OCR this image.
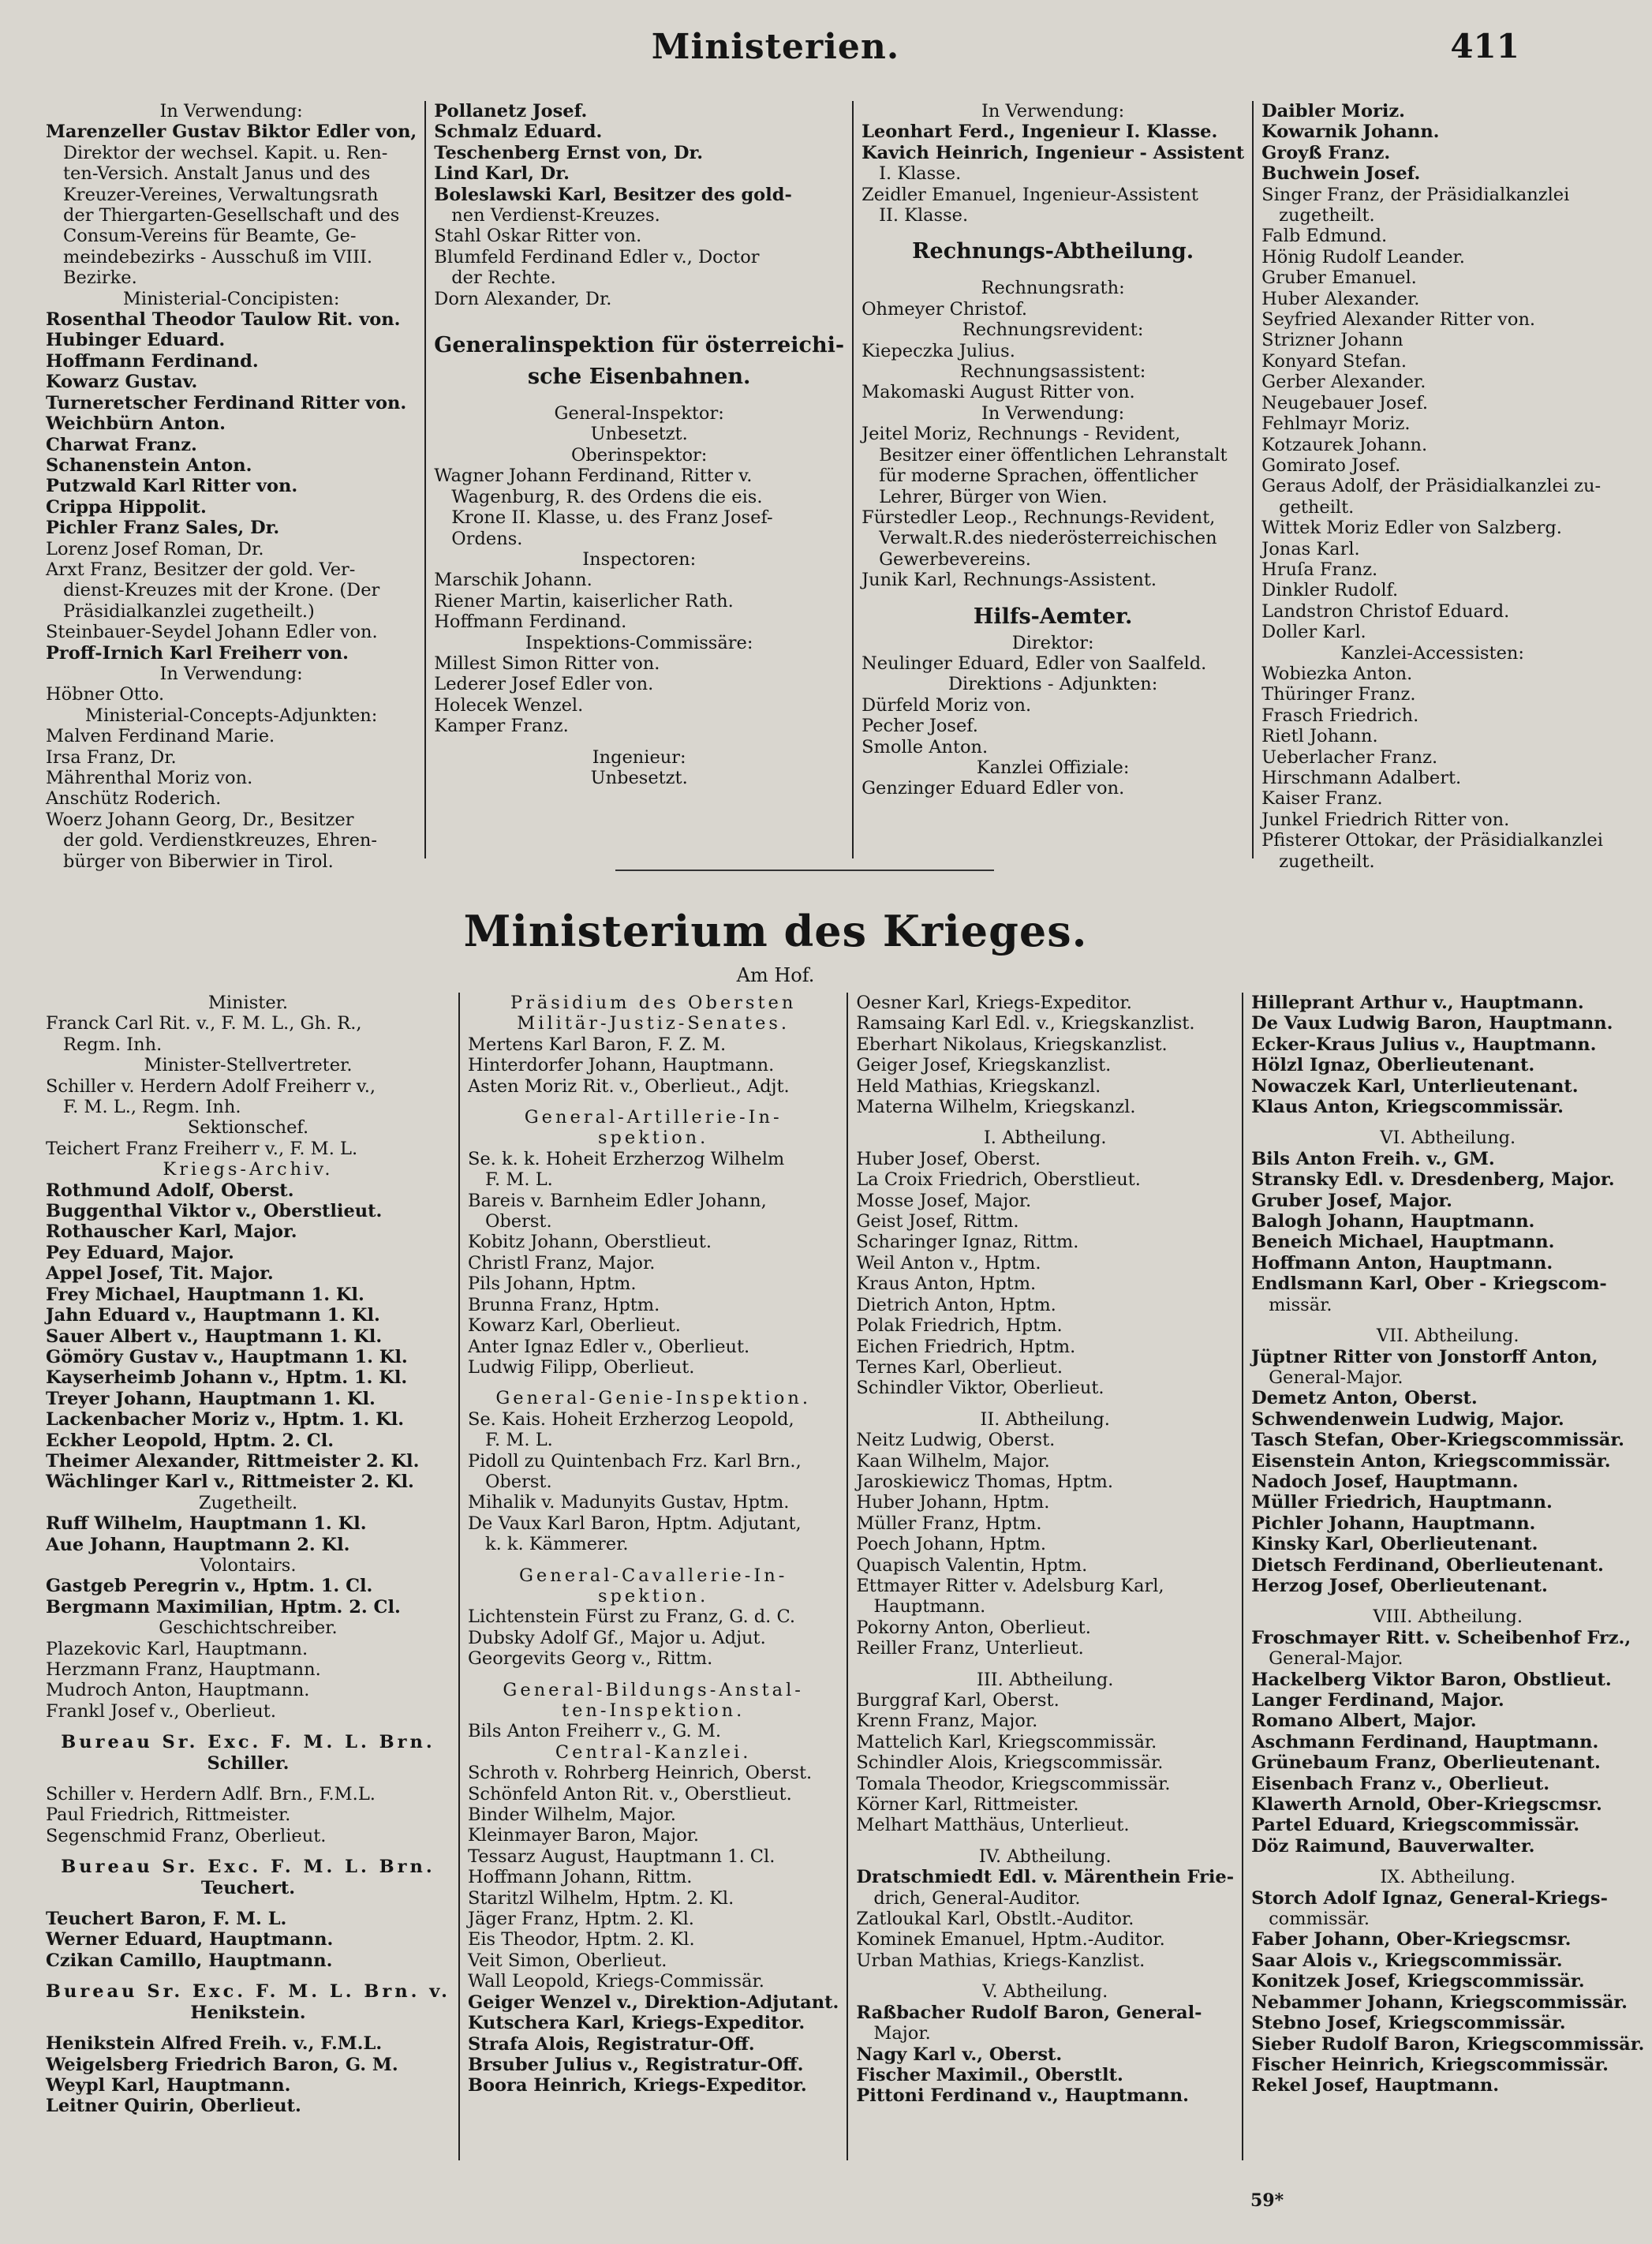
Ministerien.	411
In Verwendung:
Marenzeller Gustav Biktor Edler von,
Direktor der wechsel. Kapit. u. Ren-
ten-Versich. Anstalt Janus und des
Kreuzer-Vereines, Verwaltungsrath
der Thiergarten-Gesellschaft und des
Consum-Vereins für Beamte, Ge-
meindebezirks - Ausschuß im VIII.
Bezirke.
Ministerial-Concipisten:
Rosenthal Theodor Taulow Rit. von.
Hubinger Eduard.
Hoffmann Ferdinand.
Kowarz Gustav.
Turneretscher Ferdinand Ritter von.
Weichbürn Anton.
Charwat Franz.
Schanenstein Anton.
Putzwald Karl Ritter von.
Crippa Hippolit.
Pichler Franz Sales, Dr.
Lorenz Josef Roman, Dr.
Arxt Franz, Besitzer der gold. Ver-
dienst-Kreuzes mit der Krone. (Der
Präsidialkanzlei zugetheilt.)
Steinbauer-Seydel Johann Edler von.
Proff-Irnich Karl Freiherr von.
In Verwendung:
Höbner Otto.
Ministerial-Concepts-Adjunkten:
Malven Ferdinand Marie.
Irsa Franz, Dr.
Mährenthal Moriz von.
Anschütz Roderich.
Woerz Johann Georg, Dr., Besitzer
der gold. Verdienstkreuzes, Ehren-
bürger von Biberwier in Tirol.
Pollanetz Josef.
Schmalz Eduard.
Teschenberg Ernst von, Dr.
Lind Karl, Dr.
Boleslawski Karl, Besitzer des gold-
nen Verdienst-Kreuzes.
Stahl Oskar Ritter von.
Blumfeld Ferdinand Edler v., Doctor
der Rechte.
Dorn Alexander, Dr.
Generalinspektion für österreichi-
sche Eisenbahnen.
General-Inspektor:
Unbesetzt.
Oberinspektor:
Wagner Johann Ferdinand, Ritter v.
Wagenburg, R. des Ordens die eis.
Krone II. Klasse, u. des Franz Josef-
Ordens.
Inspectoren:
Marschik Johann.
Riener Martin, kaiserlicher Rath.
Hoffmann Ferdinand.
Inspektions-Commissäre:
Millest Simon Ritter von.
Lederer Josef Edler von.
Holecek Wenzel.
Kamper Franz.
Ingenieur:
Unbesetzt.
In Verwendung:
Leonhart Ferd., Ingenieur I. Klasse.
Kavich Heinrich, Ingenieur - Assistent
I. Klasse.
Zeidler Emanuel, Ingenieur-Assistent
II. Klasse.
Rechnungs-Abtheilung.
Rechnungsrath:
Ohmeyer Christof.
Rechnungsrevident:
Kiepeczka Julius.
Rechnungsassistent:
Makomaski August Ritter von.
In Verwendung:
Jeitel Moriz, Rechnungs - Revident,
Besitzer einer öffentlichen Lehranstalt
für moderne Sprachen, öffentlicher
Lehrer, Bürger von Wien.
Fürstedler Leop., Rechnungs-Revident,
Verwalt.R.des niederösterreichischen
Gewerbevereins.
Junik Karl, Rechnungs-Assistent.
Hilfs-Aemter.
Direktor:
Neulinger Eduard, Edler von Saalfeld.
Direktions - Adjunkten:
Dürfeld Moriz von.
Pecher Josef.
Smolle Anton.
Kanzlei Offiziale:
Genzinger Eduard Edler von.
Daibler Moriz.
Kowarnik Johann.
Groyß Franz.
Buchwein Josef.
Singer Franz, der Präsidialkanzlei
zugetheilt.
Falb Edmund.
Hönig Rudolf Leander.
Gruber Emanuel.
Huber Alexander.
Seyfried Alexander Ritter von.
Strizner Johann
Konyard Stefan.
Gerber Alexander.
Neugebauer Josef.
Fehlmayr Moriz.
Kotzaurek Johann.
Gomirato Josef.
Geraus Adolf, der Präsidialkanzlei zu-
getheilt.
Wittek Moriz Edler von Salzberg.
Jonas Karl.
Hruſa Franz.
Dinkler Rudolf.
Landstron Christof Eduard.
Doller Karl.
Kanzlei-Accessisten:
Wobiezka Anton.
Thüringer Franz.
Frasch Friedrich.
Rietl Johann.
Ueberlacher Franz.
Hirschmann Adalbert.
Kaiser Franz.
Junkel Friedrich Ritter von.
Pfisterer Ottokar, der Präsidialkanzlei
zugetheilt.
Ministerium des Krieges.
Am Hof.
Minister.
Franck Carl Rit. v., F. M. L., Gh. R.,
Regm. Inh.
Minister-Stellvertreter.
Schiller v. Herdern Adolf Freiherr v.,
F. M. L., Regm. Inh.
Sektionschef.
Teichert Franz Freiherr v., F. M. L.
Kriegs-Archiv.
Rothmund Adolf, Oberst.
Buggenthal Viktor v., Oberstlieut.
Rothauscher Karl, Major.
Pey Eduard, Major.
Appel Josef, Tit. Major.
Frey Michael, Hauptmann 1. Kl.
Jahn Eduard v., Hauptmann 1. Kl.
Sauer Albert v., Hauptmann 1. Kl.
Gömöry Gustav v., Hauptmann 1. Kl.
Kayserheimb Johann v., Hptm. 1. Kl.
Treyer Johann, Hauptmann 1. Kl.
Lackenbacher Moriz v., Hptm. 1. Kl.
Eckher Leopold, Hptm. 2. Cl.
Theimer Alexander, Rittmeister 2. Kl.
Wächlinger Karl v., Rittmeister 2. Kl.
Zugetheilt.
Ruff Wilhelm, Hauptmann 1. Kl.
Aue Johann, Hauptmann 2. Kl.
Volontairs.
Gastgeb Peregrin v., Hptm. 1. Cl.
Bergmann Maximilian, Hptm. 2. Cl.
Geschichtschreiber.
Plazekovic Karl, Hauptmann.
Herzmann Franz, Hauptmann.
Mudroch Anton, Hauptmann.
Frankl Josef v., Oberlieut.
Bureau Sr. Exc. F. M. L. Brn.
Schiller.
Schiller v. Herdern Adlf. Brn., F.M.L.
Paul Friedrich, Rittmeister.
Segenschmid Franz, Oberlieut.
Bureau Sr. Exc. F. M. L. Brn.
Teuchert.
Teuchert Baron, F. M. L.
Werner Eduard, Hauptmann.
Czikan Camillo, Hauptmann.
Bureau Sr. Exc. F. M. L. Brn. v.
Henikstein.
Henikstein Alfred Freih. v., F.M.L.
Weigelsberg Friedrich Baron, G. M.
Weypl Karl, Hauptmann.
Leitner Quirin, Oberlieut.
Präsidium des Obersten
Militär-Justiz-Senates.
Mertens Karl Baron, F. Z. M.
Hinterdorfer Johann, Hauptmann.
Asten Moriz Rit. v., Oberlieut., Adjt.
General-Artillerie-In-
spektion.
Se. k. k. Hoheit Erzherzog Wilhelm
F. M. L.
Bareis v. Barnheim Edler Johann,
Oberst.
Kobitz Johann, Oberstlieut.
Christl Franz, Major.
Pils Johann, Hptm.
Brunna Franz, Hptm.
Kowarz Karl, Oberlieut.
Anter Ignaz Edler v., Oberlieut.
Ludwig Filipp, Oberlieut.
General-Genie-Inspektion.
Se. Kais. Hoheit Erzherzog Leopold,
F. M. L.
Pidoll zu Quintenbach Frz. Karl Brn.,
Oberst.
Mihalik v. Madunyits Gustav, Hptm.
De Vaux Karl Baron, Hptm. Adjutant,
k. k. Kämmerer.
General-Cavallerie-In-
spektion.
Lichtenstein Fürst zu Franz, G. d. C.
Dubsky Adolf Gf., Major u. Adjut.
Georgevits Georg v., Rittm.
General-Bildungs-Anstal-
ten-Inspektion.
Bils Anton Freiherr v., G. M.
Central-Kanzlei.
Schroth v. Rohrberg Heinrich, Oberst.
Schönfeld Anton Rit. v., Oberstlieut.
Binder Wilhelm, Major.
Kleinmayer Baron, Major.
Tessarz August, Hauptmann 1. Cl.
Hoffmann Johann, Rittm.
Staritzl Wilhelm, Hptm. 2. Kl.
Jäger Franz, Hptm. 2. Kl.
Eis Theodor, Hptm. 2. Kl.
Veit Simon, Oberlieut.
Wall Leopold, Kriegs-Commissär.
Geiger Wenzel v., Direktion-Adjutant.
Kutschera Karl, Kriegs-Expeditor.
Strafa Alois, Registratur-Off.
Brsuber Julius v., Registratur-Off.
Boora Heinrich, Kriegs-Expeditor.
Oesner Karl, Kriegs-Expeditor.
Ramsaing Karl Edl. v., Kriegskanzlist.
Eberhart Nikolaus, Kriegskanzlist.
Geiger Josef, Kriegskanzlist.
Held Mathias, Kriegskanzl.
Materna Wilhelm, Kriegskanzl.
I. Abtheilung.
Huber Josef, Oberst.
La Croix Friedrich, Oberstlieut.
Mosse Josef, Major.
Geist Josef, Rittm.
Scharinger Ignaz, Rittm.
Weil Anton v., Hptm.
Kraus Anton, Hptm.
Dietrich Anton, Hptm.
Polak Friedrich, Hptm.
Eichen Friedrich, Hptm.
Ternes Karl, Oberlieut.
Schindler Viktor, Oberlieut.
II. Abtheilung.
Neitz Ludwig, Oberst.
Kaan Wilhelm, Major.
Jaroskiewicz Thomas, Hptm.
Huber Johann, Hptm.
Müller Franz, Hptm.
Poech Johann, Hptm.
Quapisch Valentin, Hptm.
Ettmayer Ritter v. Adelsburg Karl,
Hauptmann.
Pokorny Anton, Oberlieut.
Reiller Franz, Unterlieut.
III. Abtheilung.
Burggraf Karl, Oberst.
Krenn Franz, Major.
Mattelich Karl, Kriegscommissär.
Schindler Alois, Kriegscommissär.
Tomala Theodor, Kriegscommissär.
Körner Karl, Rittmeister.
Melhart Matthäus, Unterlieut.
IV. Abtheilung.
Dratschmiedt Edl. v. Märenthein Frie-
drich, General-Auditor.
Zatloukal Karl, Obstlt.-Auditor.
Kominek Emanuel, Hptm.-Auditor.
Urban Mathias, Kriegs-Kanzlist.
V. Abtheilung.
Raßbacher Rudolf Baron, General-
Major.
Nagy Karl v., Oberst.
Fischer Maximil., Oberstlt.
Pittoni Ferdinand v., Hauptmann.
Hilleprant Arthur v., Hauptmann.
De Vaux Ludwig Baron, Hauptmann.
Ecker-Kraus Julius v., Hauptmann.
Hölzl Ignaz, Oberlieutenant.
Nowaczek Karl, Unterlieutenant.
Klaus Anton, Kriegscommissär.
VI. Abtheilung.
Bils Anton Freih. v., GM.
Stransky Edl. v. Dresdenberg, Major.
Gruber Josef, Major.
Balogh Johann, Hauptmann.
Beneich Michael, Hauptmann.
Hoffmann Anton, Hauptmann.
Endlsmann Karl, Ober - Kriegscom-
missär.
VII. Abtheilung.
Jüptner Ritter von Jonstorff Anton,
General-Major.
Demetz Anton, Oberst.
Schwendenwein Ludwig, Major.
Tasch Stefan, Ober-Kriegscommissär.
Eisenstein Anton, Kriegscommissär.
Nadoch Josef, Hauptmann.
Müller Friedrich, Hauptmann.
Pichler Johann, Hauptmann.
Kinsky Karl, Oberlieutenant.
Dietsch Ferdinand, Oberlieutenant.
Herzog Josef, Oberlieutenant.
VIII. Abtheilung.
Froschmayer Ritt. v. Scheibenhof Frz.,
General-Major.
Hackelberg Viktor Baron, Obstlieut.
Langer Ferdinand, Major.
Romano Albert, Major.
Aschmann Ferdinand, Hauptmann.
Grünebaum Franz, Oberlieutenant.
Eisenbach Franz v., Oberlieut.
Klawerth Arnold, Ober-Kriegscmsr.
Partel Eduard, Kriegscommissär.
Döz Raimund, Bauverwalter.
IX. Abtheilung.
Storch Adolf Ignaz, General-Kriegs-
commissär.
Faber Johann, Ober-Kriegscmsr.
Saar Alois v., Kriegscommissär.
Konitzek Josef, Kriegscommissär.
Nebammer Johann, Kriegscommissär.
Stebno Josef, Kriegscommissär.
Sieber Rudolf Baron, Kriegscommissär.
Fischer Heinrich, Kriegscommissär.
Rekel Josef, Hauptmann.
59*
